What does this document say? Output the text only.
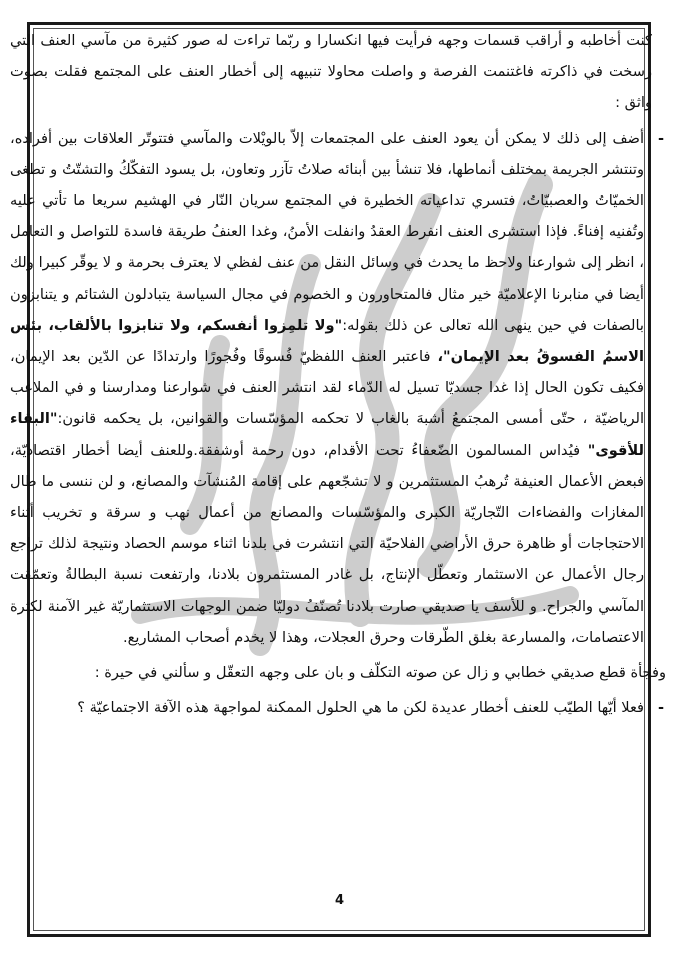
كنت أخاطبه و أراقب قسمات وجهه فرأيت فيها انكسارا و ربّما تراءت له صور كثيرة من مآسي العنف التي رسخت في ذاكرته فاغتنمت الفرصة و واصلت محاولا تنبيهه إلى أخطار العنف على المجتمع فقلت بصوت واثق :

-
أضف إلى ذلك لا يمكن أن يعود العنف على المجتمعات إلاّ بالويْلات والمآسي فتتوتّر العلاقات بين أفراده، وتنتشر الجريمة بمختلف أنماطها، فلا تنشأ بين أبنائه صلاتُ تآزر وتعاون، بل يسود التفكّكُ والتشتّتُ و تطغى الخميّاتُ والعصبيّاتُ، فتسري تداعياته الخطيرة في المجتمع سريان النّار في الهشيم سريعا ما تأتي عليه وتُفنيه إفناءً. فإذا استشرى العنف انفرط العقدُ وانفلت الأمنُ، وغدا العنفُ طريقة فاسدة للتواصل و التعامل ، انظر إلى شوارعنا ولاحظ ما يحدث في وسائل النقل من عنف لفظي لا يعترف بحرمة و لا يوقّر كبيرا ولك أيضا في منابرنا الإعلاميّة خير مثال فالمتحاورون و الخصوم في مجال السياسة يتبادلون الشتائم و يتنابزون بالصفات في حين ينهى الله تعالى عن ذلك بقوله:"ولا تلمِزوا أنفسكم، ولا تنابزوا بالألقاب، بئس الاسمُ الفسوقُ بعد الإيمان"، فاعتبر العنف اللفظيّ فُسوقًا وفُجورًا وارتدادًا عن الدّين بعد الإيمان، فكيف تكون الحال إذا غدا جسديّا تسيل له الدّماء لقد انتشر العنف في شوارعنا ومدارسنا و في الملاعب الرياضيّة ، حتّى أمسى المجتمعُ أشبهَ بالغاب لا تحكمه المؤسّسات والقوانين، بل يحكمه قانون:"البقاء للأقوى" فيُداس المسالمون الضّعفاءُ تحت الأقدام، دون رحمة أوشفقة.وللعنف أيضا أخطار اقتصاديّة، فبعض الأعمال العنيفة تُرهبُ المستثمرين و لا تشجّعهم على إقامة المُنشآت والمصانع، و لن ننسى ما طال المغازات والفضاءات التّجاريّة الكبرى والمؤسّسات والمصانع من أعمال نهب و سرقة و تخريب أثناء الاحتجاجات أو ظاهرة حرق الأراضي الفلاحيّة التي انتشرت في بلدنا اثناء موسم الحصاد ونتيجة لذلك تراجع رجال الأعمال عن الاستثمار وتعطّل الإنتاج، بل غادر المستثمرون بلادنا، وارتفعت نسبة البطالةُ وتعمّقت المآسي والجراح. و للأسف يا صديقي صارت بلادنا تُصنّفُ دوليّا ضمن الوجهات الاستثماريّة غير الآمنة لكثرة الاعتصامات، والمسارعة بغلق الطّرقات وحرق العجلات، وهذا لا يخدم أصحاب المشاريع.

وفجأة قطع صديقي خطابي و زال عن صوته التكلّف و بان على وجهه التعقّل و سألني في حيرة :

-
فعلا أيّها الطيّب للعنف أخطار عديدة لكن ما هي الحلول الممكنة لمواجهة هذه الآفة الاجتماعيّة ؟
4
